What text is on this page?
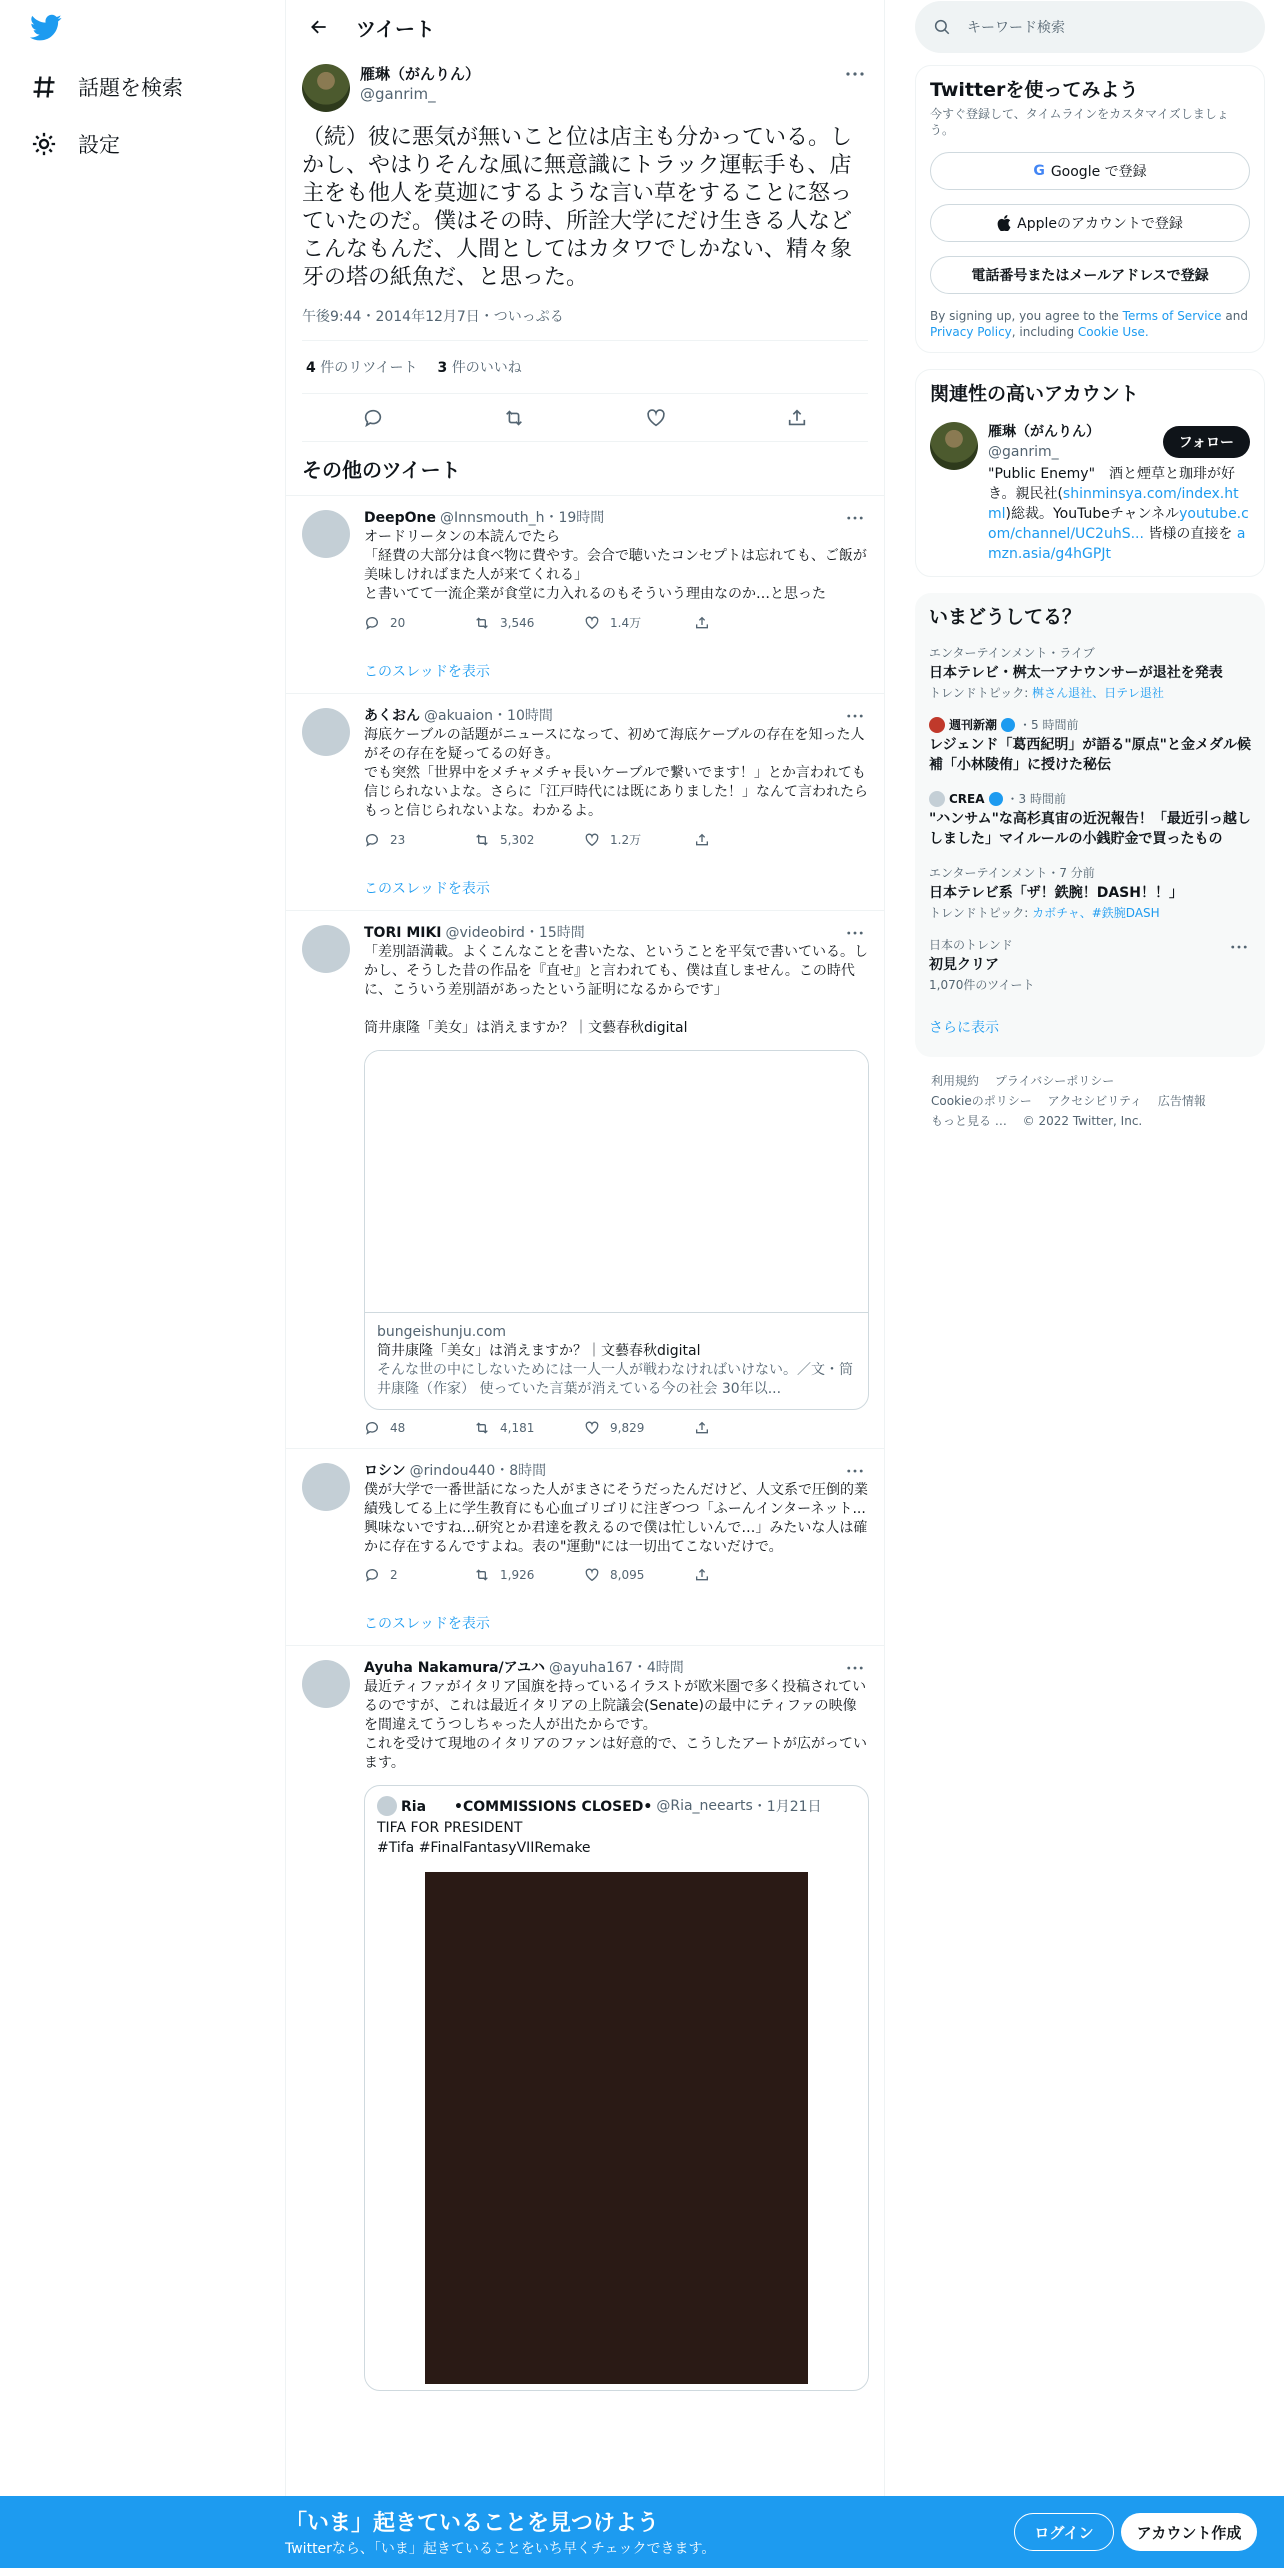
話題を検索
設定
ツイート
雁琳（がんりん）
@ganrim_
（続）彼に悪気が無いこと位は店主も分かっている。しかし、やはりそんな風に無意識にトラック運転手も、店主をも他人を莫迦にするような言い草をすることに怒っていたのだ。僕はその時、所詮大学にだけ生きる人などこんなもんだ、人間としてはカタワでしかない、精々象牙の塔の紙魚だ、と思った。
午後9:44・2014年12月7日・ついっぷる
4 件のリツイート 3 件のいいね
その他のツイート
DeepOne @Innsmouth_h・19時間
オードリータンの本読んでたら
「経費の大部分は食べ物に費やす。会合で聴いたコンセプトは忘れても、ご飯が美味しければまた人が来てくれる」
と書いてて一流企業が食堂に力入れるのもそういう理由なのか…と思った
20	3,546	1.4万
このスレッドを表示
あくおん @akuaion・10時間
海底ケーブルの話題がニュースになって、初めて海底ケーブルの存在を知った人がその存在を疑ってるの好き。
でも突然「世界中をメチャメチャ長いケーブルで繋いでます！」とか言われても信じられないよな。さらに「江戸時代には既にありました！」なんて言われたらもっと信じられないよな。わかるよ。
23	5,302	1.2万
このスレッドを表示
TORI MIKI @videobird・15時間
「差別語満載。よくこんなことを書いたな、ということを平気で書いている。しかし、そうした昔の作品を『直せ』と言われても、僕は直しません。この時代に、こういう差別語があったという証明になるからです」

筒井康隆「美女」は消えますか？｜文藝春秋digital
bungeishunju.com
筒井康隆「美女」は消えますか？｜文藝春秋digital
そんな世の中にしないためには一人一人が戦わなければいけない。／文・筒井康隆（作家） 使っていた言葉が消えている今の社会 30年以...
48	4,181	9,829
ロシン @rindou440・8時間
僕が大学で一番世話になった人がまさにそうだったんだけど、人文系で圧倒的業績残してる上に学生教育にも心血ゴリゴリに注ぎつつ「ふーんインターネット...興味ないですね...研究とか君達を教えるので僕は忙しいんで…」みたいな人は確かに存在するんですよね。表の"運動"には一切出てこないだけで。
2	1,926	8,095
このスレッドを表示
Ayuha Nakamura/アユハ @ayuha167・4時間
最近ティファがイタリア国旗を持っているイラストが欧米圏で多く投稿されているのですが、これは最近イタリアの上院議会(Senate)の最中にティファの映像を間違えてうつしちゃった人が出たからです。
これを受けて現地のイタリアのファンは好意的で、こうしたアートが広がっています。
Ria　　•COMMISSIONS CLOSED• @Ria_neearts ・1月21日
TIFA FOR PRESIDENT
#Tifa #FinalFantasyVIIRemake
キーワード検索
Twitterを使ってみよう
今すぐ登録して、タイムラインをカスタマイズしましょう。
G Google で登録
Appleのアカウントで登録
電話番号またはメールアドレスで登録
By signing up, you agree to the Terms of Service and Privacy Policy, including Cookie Use.
関連性の高いアカウント
雁琳（がんりん）
@ganrim_
"Public Enemy"　酒と煙草と珈琲が好き。親民社(shinminsya.com/index.html)総裁。YouTubeチャンネルyoutube.com/channel/UC2uhS... 皆様の直接を amzn.asia/g4hGPJt
フォロー
いまどうしてる？
エンターテインメント・ライブ
日本テレビ・桝太一アナウンサーが退社を発表
トレンドトピック: 桝さん退社、日テレ退社
週刊新潮 ・5 時間前
レジェンド「葛西紀明」が語る"原点"と金メダル候補「小林陵侑」に授けた秘伝
CREA ・3 時間前
"ハンサム"な高杉真宙の近況報告！「最近引っ越ししました」マイルールの小銭貯金で買ったもの
エンターテインメント・7 分前
日本テレビ系「ザ！鉄腕！DASH！！」
トレンドトピック: カボチャ、#鉄腕DASH
日本のトレンド
初見クリア
1,070件のツイート
さらに表示
利用規約 プライバシーポリシー
Cookieのポリシー アクセシビリティ 広告情報
もっと見る … © 2022 Twitter, Inc.
「いま」起きていることを見つけよう
Twitterなら、「いま」起きていることをいち早くチェックできます。
ログイン	アカウント作成
